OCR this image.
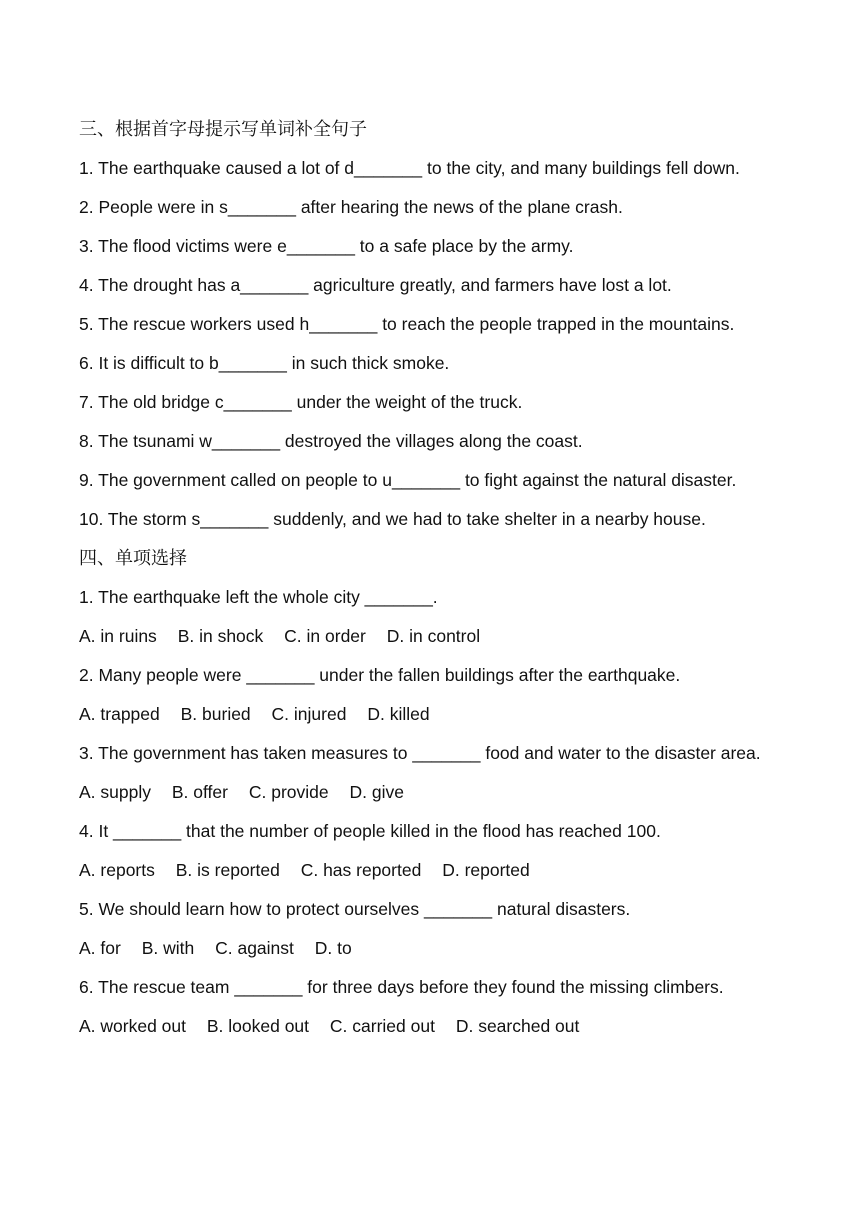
三、根据首字母提示写单词补全句子
1. The earthquake caused a lot of d_______ to the city, and many buildings fell down.
2. People were in s_______ after hearing the news of the plane crash.
3. The flood victims were e_______ to a safe place by the army.
4. The drought has a_______ agriculture greatly, and farmers have lost a lot.
5. The rescue workers used h_______ to reach the people trapped in the mountains.
6. It is difficult to b_______ in such thick smoke.
7. The old bridge c_______ under the weight of the truck.
8. The tsunami w_______ destroyed the villages along the coast.
9. The government called on people to u_______ to fight against the natural disaster.
10. The storm s_______ suddenly, and we had to take shelter in a nearby house.
四、单项选择
1. The earthquake left the whole city _______.
A. in ruins B. in shock C. in order D. in control
2. Many people were _______ under the fallen buildings after the earthquake.
A. trapped B. buried C. injured D. killed
3. The government has taken measures to _______ food and water to the disaster area.
A. supply B. offer C. provide D. give
4. It _______ that the number of people killed in the flood has reached 100.
A. reports B. is reported C. has reported D. reported
5. We should learn how to protect ourselves _______ natural disasters.
A. for B. with C. against D. to
6. The rescue team _______ for three days before they found the missing climbers.
A. worked out B. looked out C. carried out D. searched out
